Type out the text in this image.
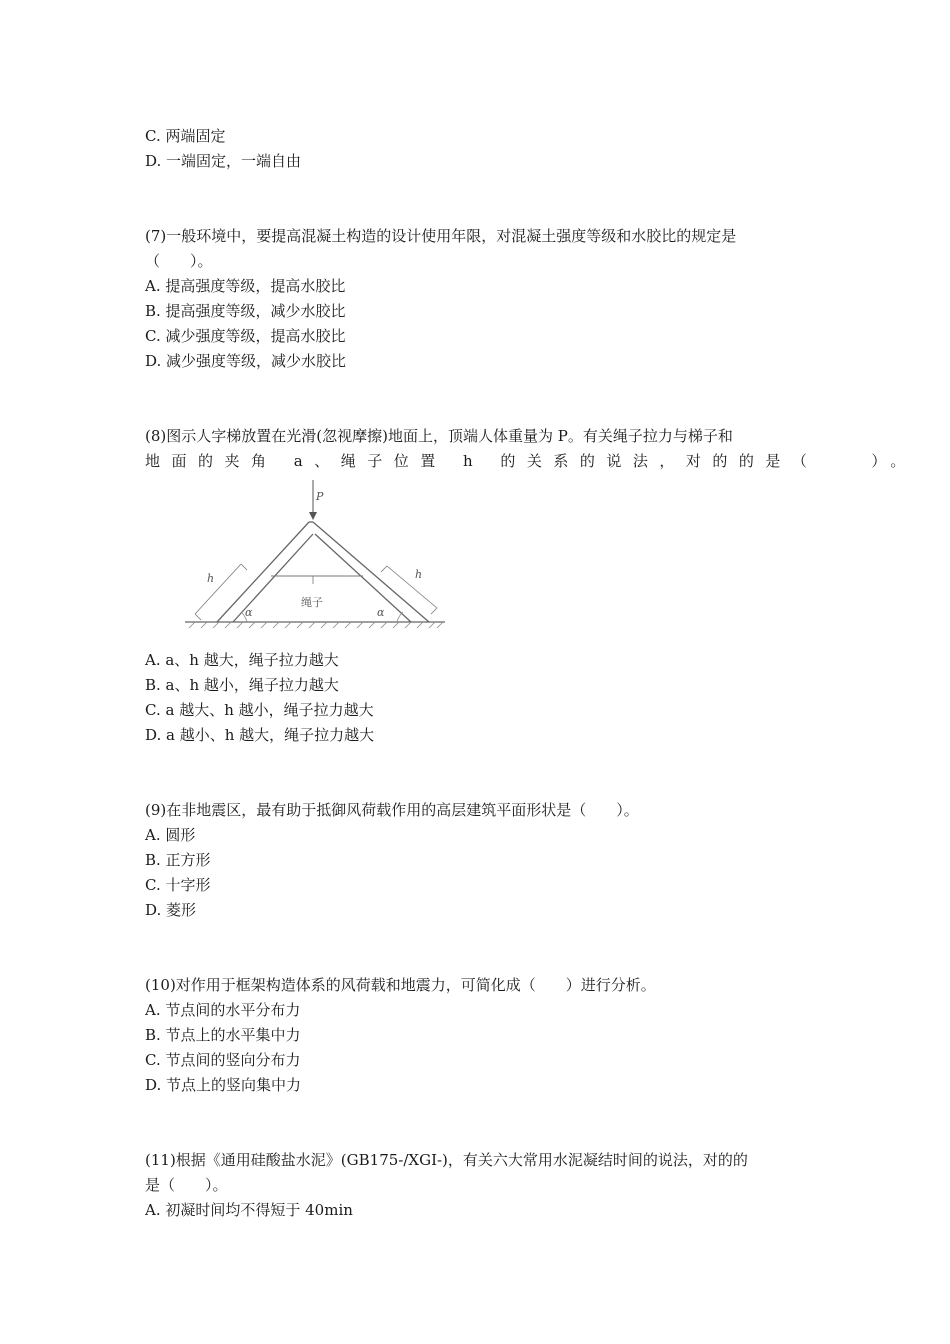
C. 两端固定
D. 一端固定，一端自由
(7)一般环境中，要提高混凝土构造的设计使用年限，对混凝土强度等级和水胶比的规定是
（　　）。
A. 提高强度等级，提高水胶比
B. 提高强度等级，减少水胶比
C. 减少强度等级，提高水胶比
D. 减少强度等级，减少水胶比
(8)图示人字梯放置在光滑(忽视摩擦)地面上，顶端人体重量为 P。有关绳子拉力与梯子和
地面的夹角 a、绳子位置 h 的关系的说法，对的的是（　　）。
P
绳子
α	α
h	h
A. a、h 越大，绳子拉力越大
B. a、h 越小，绳子拉力越大
C. a 越大、h 越小，绳子拉力越大
D. a 越小、h 越大，绳子拉力越大
(9)在非地震区，最有助于抵御风荷载作用的高层建筑平面形状是（　　）。
A. 圆形
B. 正方形
C. 十字形
D. 菱形
(10)对作用于框架构造体系的风荷载和地震力，可简化成（　　）进行分析。
A. 节点间的水平分布力
B. 节点上的水平集中力
C. 节点间的竖向分布力
D. 节点上的竖向集中力
(11)根据《通用硅酸盐水泥》(GB175-/XGI-)，有关六大常用水泥凝结时间的说法，对的的
是（　　）。
A. 初凝时间均不得短于 40min
